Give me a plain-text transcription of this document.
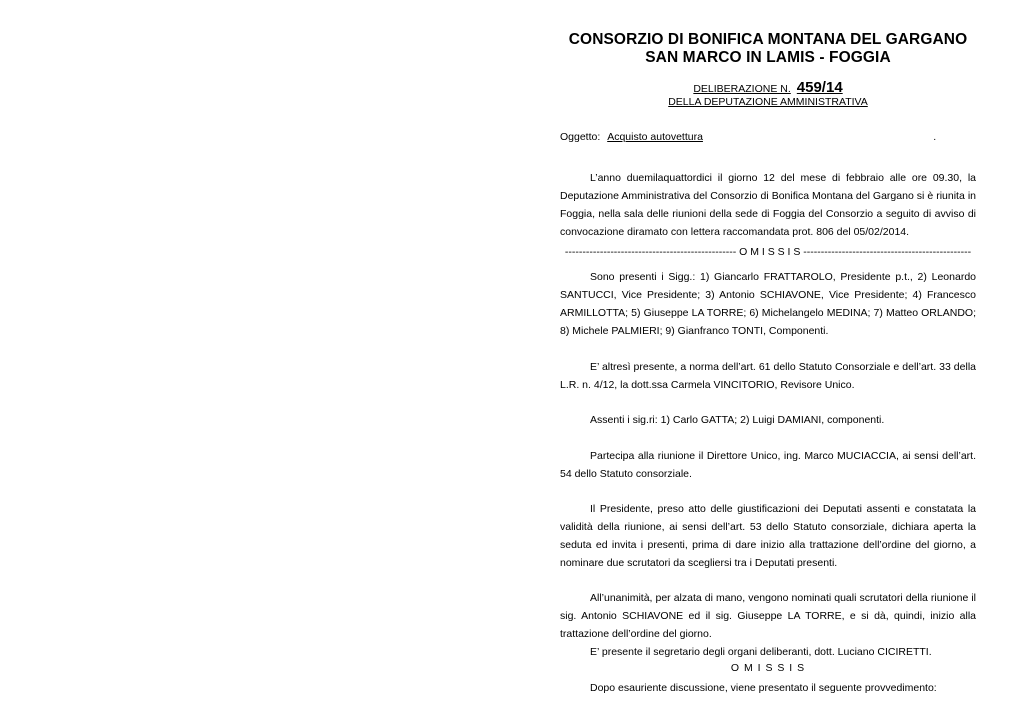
CONSORZIO DI BONIFICA MONTANA DEL GARGANO
SAN MARCO IN LAMIS - FOGGIA
DELIBERAZIONE N. 459/14
DELLA DEPUTAZIONE AMMINISTRATIVA
Oggetto: Acquisto autovettura	.
L’anno duemilaquattordici il giorno 12 del mese di febbraio alle ore 09.30, la Deputazione Amministrativa del Consorzio di Bonifica Montana del Gargano si è riunita in Foggia, nella sala delle riunioni della sede di Foggia del Consorzio a seguito di avviso di convocazione diramato con lettera raccomandata prot. 806 del 05/02/2014.
------------------------------------------------- O M I S S I S ------------------------------------------------
Sono presenti i Sigg.: 1) Giancarlo FRATTAROLO, Presidente p.t., 2) Leonardo SANTUCCI, Vice Presidente; 3) Antonio SCHIAVONE, Vice Presidente; 4) Francesco ARMILLOTTA; 5) Giuseppe LA TORRE; 6) Michelangelo MEDINA; 7) Matteo ORLANDO; 8) Michele PALMIERI; 9) Gianfranco TONTI, Componenti.
E’ altresì presente, a norma dell’art. 61 dello Statuto Consorziale e dell’art. 33 della L.R. n. 4/12, la dott.ssa Carmela VINCITORIO, Revisore Unico.
Assenti i sig.ri: 1) Carlo GATTA; 2) Luigi DAMIANI, componenti.
Partecipa alla riunione il Direttore Unico, ing. Marco MUCIACCIA, ai sensi dell’art. 54 dello Statuto consorziale.
Il Presidente, preso atto delle giustificazioni dei Deputati assenti e constatata la validità della riunione, ai sensi dell’art. 53 dello Statuto consorziale, dichiara aperta la seduta ed invita i presenti, prima di dare inizio alla trattazione dell’ordine del giorno, a nominare due scrutatori da scegliersi tra i Deputati presenti.
All’unanimità, per alzata di mano, vengono nominati quali scrutatori della riunione il sig. Antonio SCHIAVONE ed il sig. Giuseppe LA TORRE, e si dà, quindi, inizio alla trattazione dell’ordine del giorno.
E’ presente il segretario degli organi deliberanti, dott. Luciano CICIRETTI.
O M I S S I S
Dopo esauriente discussione, viene presentato il seguente provvedimento:
